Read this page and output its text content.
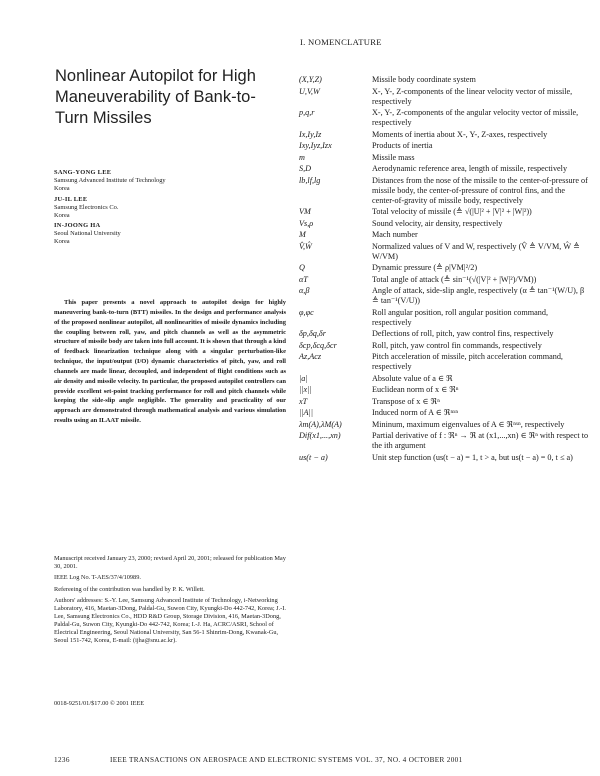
I. NOMENCLATURE
Nonlinear Autopilot for High Maneuverability of Bank-to-Turn Missiles
SANG-YONG LEE
Samsung Advanced Institute of Technology
Korea
JU-IL LEE
Samsung Electronics Co.
Korea
IN-JOONG HA
Seoul National University
Korea

This paper presents a novel approach to autopilot design for highly maneuvering bank-to-turn (BTT) missiles. In the design and performance analysis of the proposed nonlinear autopilot, all nonlinearities of missile dynamics including the coupling between roll, yaw, and pitch channels as well as the asymmetric structure of missile body are taken into full account. It is shown that through a kind of feedback linearization technique along with a singular perturbation-like technique, the input/output (I/O) dynamic characteristics of pitch, yaw, and roll channels are made linear, decoupled, and independent of flight conditions such as air density and missile velocity. In particular, the proposed autopilot controllers can provide excellent set-point tracking performance for roll and pitch channels while keeping the side-slip angle negligible. The generality and practicality of our approach are demonstrated through mathematical analysis and various simulation results using an ILAAT missile.

Manuscript received January 23, 2000; revised April 20, 2001; released for publication May 30, 2001.

IEEE Log No. T-AES/37/4/10989.

Refereeing of the contribution was handled by P. K. Willett.

Authors' addresses: S.-Y. Lee, Samsung Advanced Institute of Technology, i-Networking Laboratory, 416, Maetan-3Dong, Paldal-Gu, Suwon City, Kyungki-Do 442-742, Korea; J.-I. Lee, Samsung Electronics Co., HDD R&D Group, Storage Division, 416, Maetan-3Dong, Paldal-Gu, Suwon City, Kyungki-Do 442-742, Korea; I.-J. Ha, ACRC/ASRI, School of Electrical Engineering, Seoul National University, San 56-1 Shinrim-Dong, Kwanak-Gu, Seoul 151-742, Korea, E-mail: (ijha@snu.ac.kr).

0018-9251/01/$17.00 © 2001 IEEE
(X,Y,Z)	Missile body coordinate system
U,V,W	X-, Y-, Z-components of the linear velocity vector of missile, respectively
p,q,r	X-, Y-, Z-components of the angular velocity vector of missile, respectively
Ix,Iy,Iz	Moments of inertia about X-, Y-, Z-axes, respectively
Ixy,Iyz,Izx	Products of inertia
m	Missile mass
S,D	Aerodynamic reference area, length of missile, respectively
lb,lf,lg	Distances from the nose of the missile to the center-of-pressure of missile body, the center-of-pressure of control fins, and the center-of-gravity of missile body, respectively
VM	Total velocity of missile (≜ √(|U|² + |V|² + |W|²))
Vs,ρ	Sound velocity, air density, respectively
M	Mach number
V̂,Ŵ	Normalized values of V and W, respectively (V̂ ≜ V/VM, Ŵ ≜ W/VM)
Q	Dynamic pressure (≜ ρ|VM|²/2)
αT	Total angle of attack (≜ sin⁻¹(√(|V|² + |W|²)/VM))
α,β	Angle of attack, side-slip angle, respectively (α ≜ tan⁻¹(W/U), β ≜ tan⁻¹(V/U))
φ,φc	Roll angular position, roll angular position command, respectively
δp,δq,δr	Deflections of roll, pitch, yaw control fins, respectively
δcp,δcq,δcr	Roll, pitch, yaw control fin commands, respectively
Az,Acz	Pitch acceleration of missile, pitch acceleration command, respectively
|a|	Absolute value of a ∈ ℜ
||x||	Euclidean norm of x ∈ ℜⁿ
xT	Transpose of x ∈ ℜⁿ
||A||	Induced norm of A ∈ ℜⁿˣⁿ
λm(A),λM(A)	Mininum, maximum eigenvalues of A ∈ ℜⁿˣⁿ, respectively
Dif(x1,...,xn)	Partial derivative of f : ℜⁿ → ℜ at (x1,...,xn) ∈ ℜⁿ with respect to the ith argument
us(t − a)	Unit step function (us(t − a) = 1, t > a, but us(t − a) = 0, t ≤ a)
1236	IEEE TRANSACTIONS ON AEROSPACE AND ELECTRONIC SYSTEMS VOL. 37, NO. 4 OCTOBER 2001
